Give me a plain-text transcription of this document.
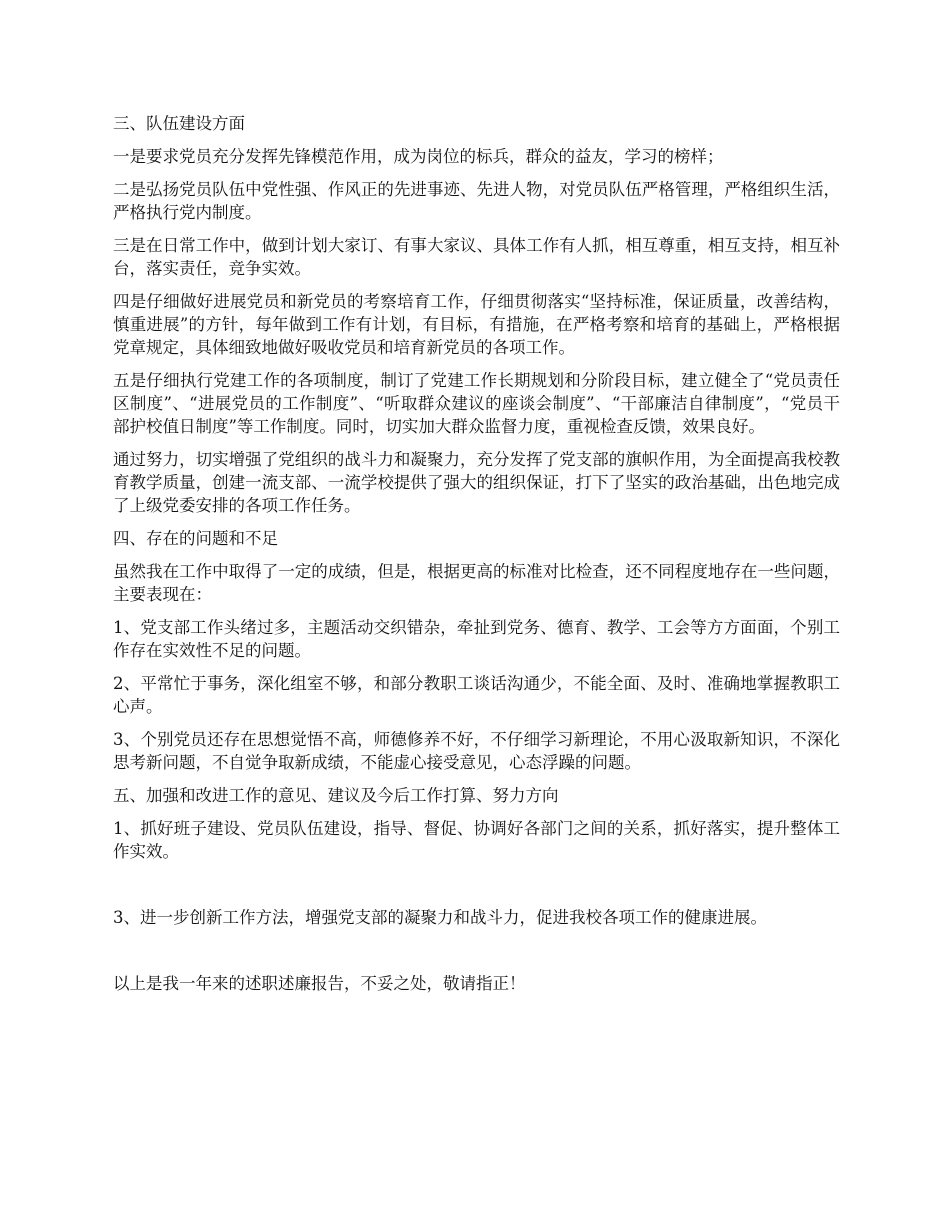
三、队伍建设方面

一是要求党员充分发挥先锋模范作用，成为岗位的标兵，群众的益友，学习的榜样；

二是弘扬党员队伍中党性强、作风正的先进事迹、先进人物，对党员队伍严格管理，严格组织生活，严格执行党内制度。

三是在日常工作中，做到计划大家订、有事大家议、具体工作有人抓，相互尊重，相互支持，相互补台，落实责任，竞争实效。

四是仔细做好进展党员和新党员的考察培育工作，仔细贯彻落实“坚持标准，保证质量，改善结构，慎重进展”的方针，每年做到工作有计划，有目标，有措施，在严格考察和培育的基础上，严格根据党章规定，具体细致地做好吸收党员和培育新党员的各项工作。

五是仔细执行党建工作的各项制度，制订了党建工作长期规划和分阶段目标，建立健全了“党员责任区制度”、“进展党员的工作制度”、“听取群众建议的座谈会制度”、“干部廉洁自律制度”，“党员干部护校值日制度”等工作制度。同时，切实加大群众监督力度，重视检查反馈，效果良好。

通过努力，切实增强了党组织的战斗力和凝聚力，充分发挥了党支部的旗帜作用，为全面提高我校教育教学质量，创建一流支部、一流学校提供了强大的组织保证，打下了坚实的政治基础，出色地完成了上级党委安排的各项工作任务。

四、存在的问题和不足

虽然我在工作中取得了一定的成绩，但是，根据更高的标准对比检查，还不同程度地存在一些问题，主要表现在：

1、党支部工作头绪过多，主题活动交织错杂，牵扯到党务、德育、教学、工会等方方面面，个别工作存在实效性不足的问题。

2、平常忙于事务，深化组室不够，和部分教职工谈话沟通少，不能全面、及时、准确地掌握教职工心声。

3、个别党员还存在思想觉悟不高，师德修养不好，不仔细学习新理论，不用心汲取新知识，不深化思考新问题，不自觉争取新成绩，不能虚心接受意见，心态浮躁的问题。

五、加强和改进工作的意见、建议及今后工作打算、努力方向

1、抓好班子建设、党员队伍建设，指导、督促、协调好各部门之间的关系，抓好落实，提升整体工作实效。

3、进一步创新工作方法，增强党支部的凝聚力和战斗力，促进我校各项工作的健康进展。

以上是我一年来的述职述廉报告，不妥之处，敬请指正！
